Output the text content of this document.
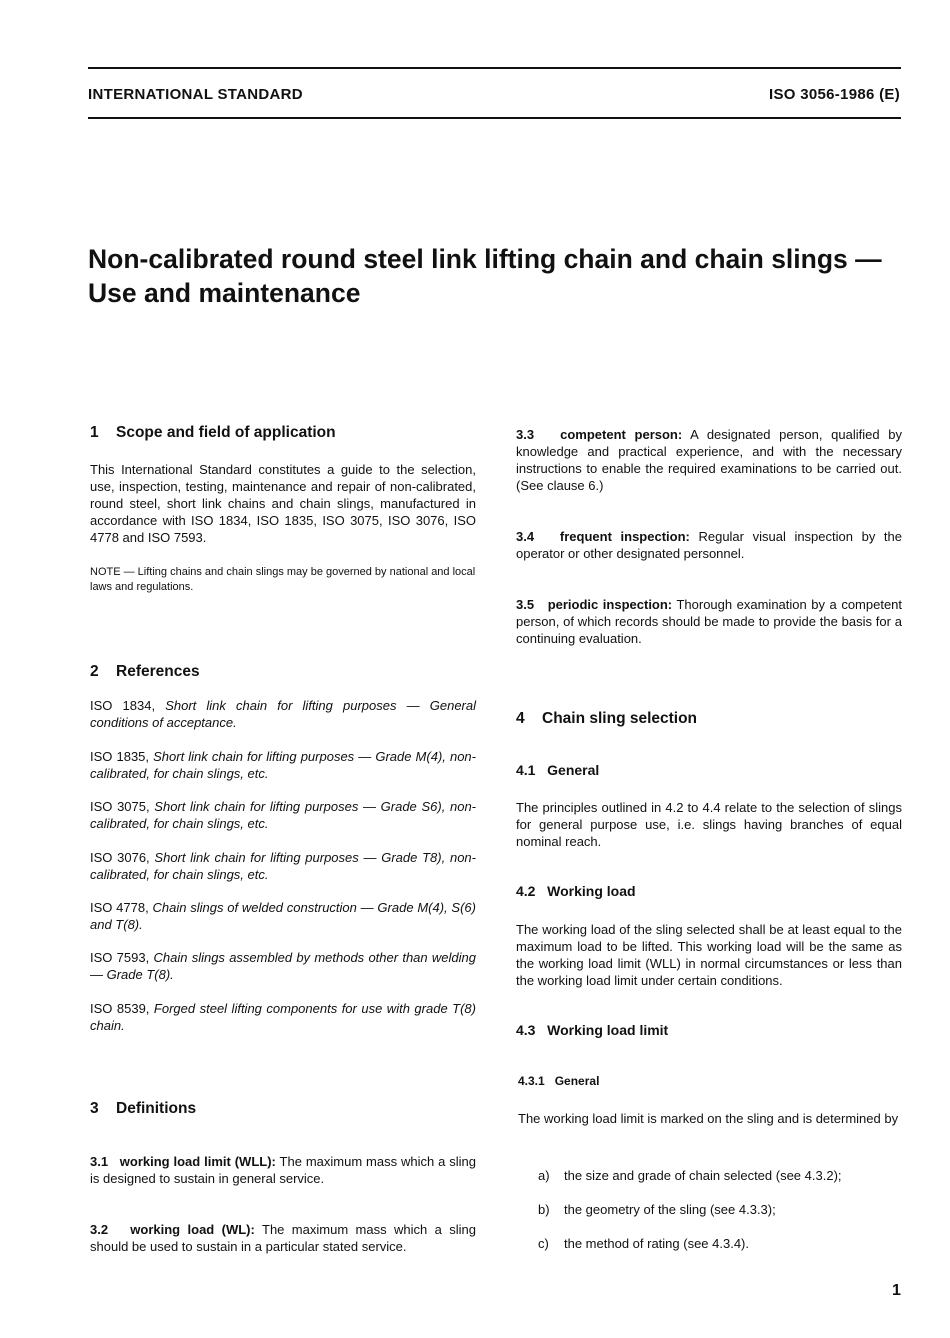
INTERNATIONAL STANDARD	ISO 3056-1986 (E)
Non-calibrated round steel link lifting chain and chain slings — Use and maintenance
1 Scope and field of application
This International Standard constitutes a guide to the selection, use, inspection, testing, maintenance and repair of non-calibrated, round steel, short link chains and chain slings, manufactured in accordance with ISO 1834, ISO 1835, ISO 3075, ISO 3076, ISO 4778 and ISO 7593.
NOTE — Lifting chains and chain slings may be governed by national and local laws and regulations.
2 References
ISO 1834, Short link chain for lifting purposes — General conditions of acceptance.
ISO 1835, Short link chain for lifting purposes — Grade M(4), non-calibrated, for chain slings, etc.
ISO 3075, Short link chain for lifting purposes — Grade S6), non-calibrated, for chain slings, etc.
ISO 3076, Short link chain for lifting purposes — Grade T8), non-calibrated, for chain slings, etc.
ISO 4778, Chain slings of welded construction — Grade M(4), S(6) and T(8).
ISO 7593, Chain slings assembled by methods other than welding — Grade T(8).
ISO 8539, Forged steel lifting components for use with grade T(8) chain.
3 Definitions
3.1 working load limit (WLL): The maximum mass which a sling is designed to sustain in general service.
3.2 working load (WL): The maximum mass which a sling should be used to sustain in a particular stated service.
3.3 competent person: A designated person, qualified by knowledge and practical experience, and with the necessary instructions to enable the required examinations to be carried out. (See clause 6.)
3.4 frequent inspection: Regular visual inspection by the operator or other designated personnel.
3.5 periodic inspection: Thorough examination by a competent person, of which records should be made to provide the basis for a continuing evaluation.
4 Chain sling selection
4.1 General
The principles outlined in 4.2 to 4.4 relate to the selection of slings for general purpose use, i.e. slings having branches of equal nominal reach.
4.2 Working load
The working load of the sling selected shall be at least equal to the maximum load to be lifted. This working load will be the same as the working load limit (WLL) in normal circumstances or less than the working load limit under certain conditions.
4.3 Working load limit
4.3.1 General
The working load limit is marked on the sling and is determined by
a) the size and grade of chain selected (see 4.3.2);
b) the geometry of the sling (see 4.3.3);
c) the method of rating (see 4.3.4).
1
